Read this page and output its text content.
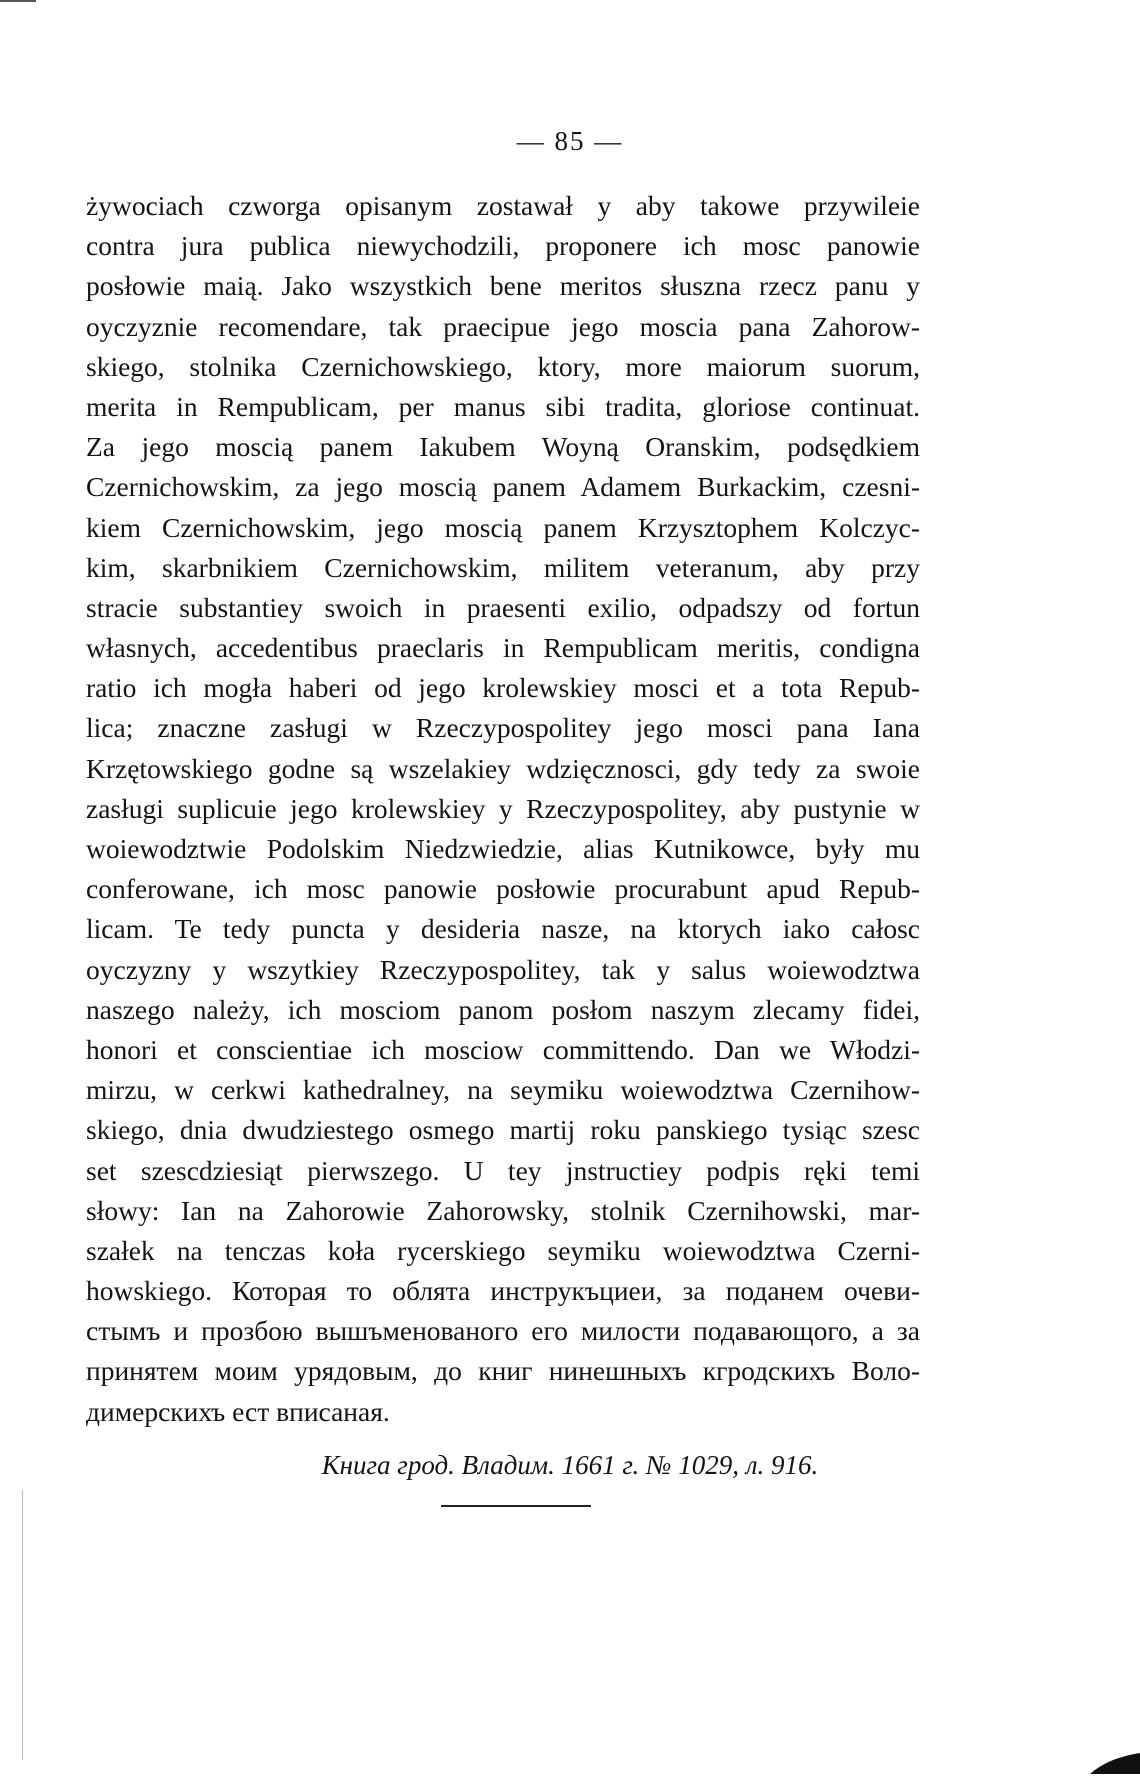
— 85 —
żywociach czworga opisanym zostawał y aby takowe przywileie
contra jura publica niewychodzili, proponere ich mosc panowie
posłowie maią. Jako wszystkich bene meritos słuszna rzecz panu y
oyczyznie recomendare, tak praecipue jego moscia pana Zahorow-
skiego, stolnika Czernichowskiego, ktory, more maiorum suorum,
merita in Rempublicam, per manus sibi tradita, gloriose continuat.
Za jego moscią panem Iakubem Woyną Oranskim, podsędkiem
Czernichowskim, za jego moscią panem Adamem Burkackim, czesni-
kiem Czernichowskim, jego moscią panem Krzysztophem Kolczyc-
kim, skarbnikiem Czernichowskim, militem veteranum, aby przy
stracie substantiey swoich in praesenti exilio, odpadszy od fortun
własnych, accedentibus praeclaris in Rempublicam meritis, condigna
ratio ich mogła haberi od jego krolewskiey mosci et a tota Repub-
lica; znaczne zasługi w Rzeczypospolitey jego mosci pana Iana
Krzętowskiego godne są wszelakiey wdzięcznosci, gdy tedy za swoie
zasługi suplicuie jego krolewskiey y Rzeczypospolitey, aby pustynie w
woiewodztwie Podolskim Niedzwiedzie, alias Kutnikowce, były mu
conferowane, ich mosc panowie posłowie procurabunt apud Repub-
licam. Te tedy puncta y desideria nasze, na ktorych iako całosc
oyczyzny y wszytkiey Rzeczypospolitey, tak y salus woiewodztwa
naszego należy, ich mosciom panom posłom naszym zlecamy fidei,
honori et conscientiae ich mosciow committendo. Dan we Włodzi-
mirzu, w cerkwi kathedralney, na seymiku woiewodztwa Czernihow-
skiego, dnia dwudziestego osmego martij roku panskiego tysiąc szesc
set szescdziesiąt pierwszego. U tey jnstructiey podpis ręki temi
słowy: Ian na Zahorowie Zahorowsky, stolnik Czernihowski, mar-
szałek na tenczas koła rycerskiego seymiku woiewodztwa Czerni-
howskiego. Которая то облята инструкъциеи, за поданем очеви-
стымъ и прозбою вышъменованого его милости подавающого, а за
принятем моим урядовым, до книг нинешныхъ кгродскихъ Воло-
димерскихъ ест вписаная.
Книга грод. Владим. 1661 г. № 1029, л. 916.
